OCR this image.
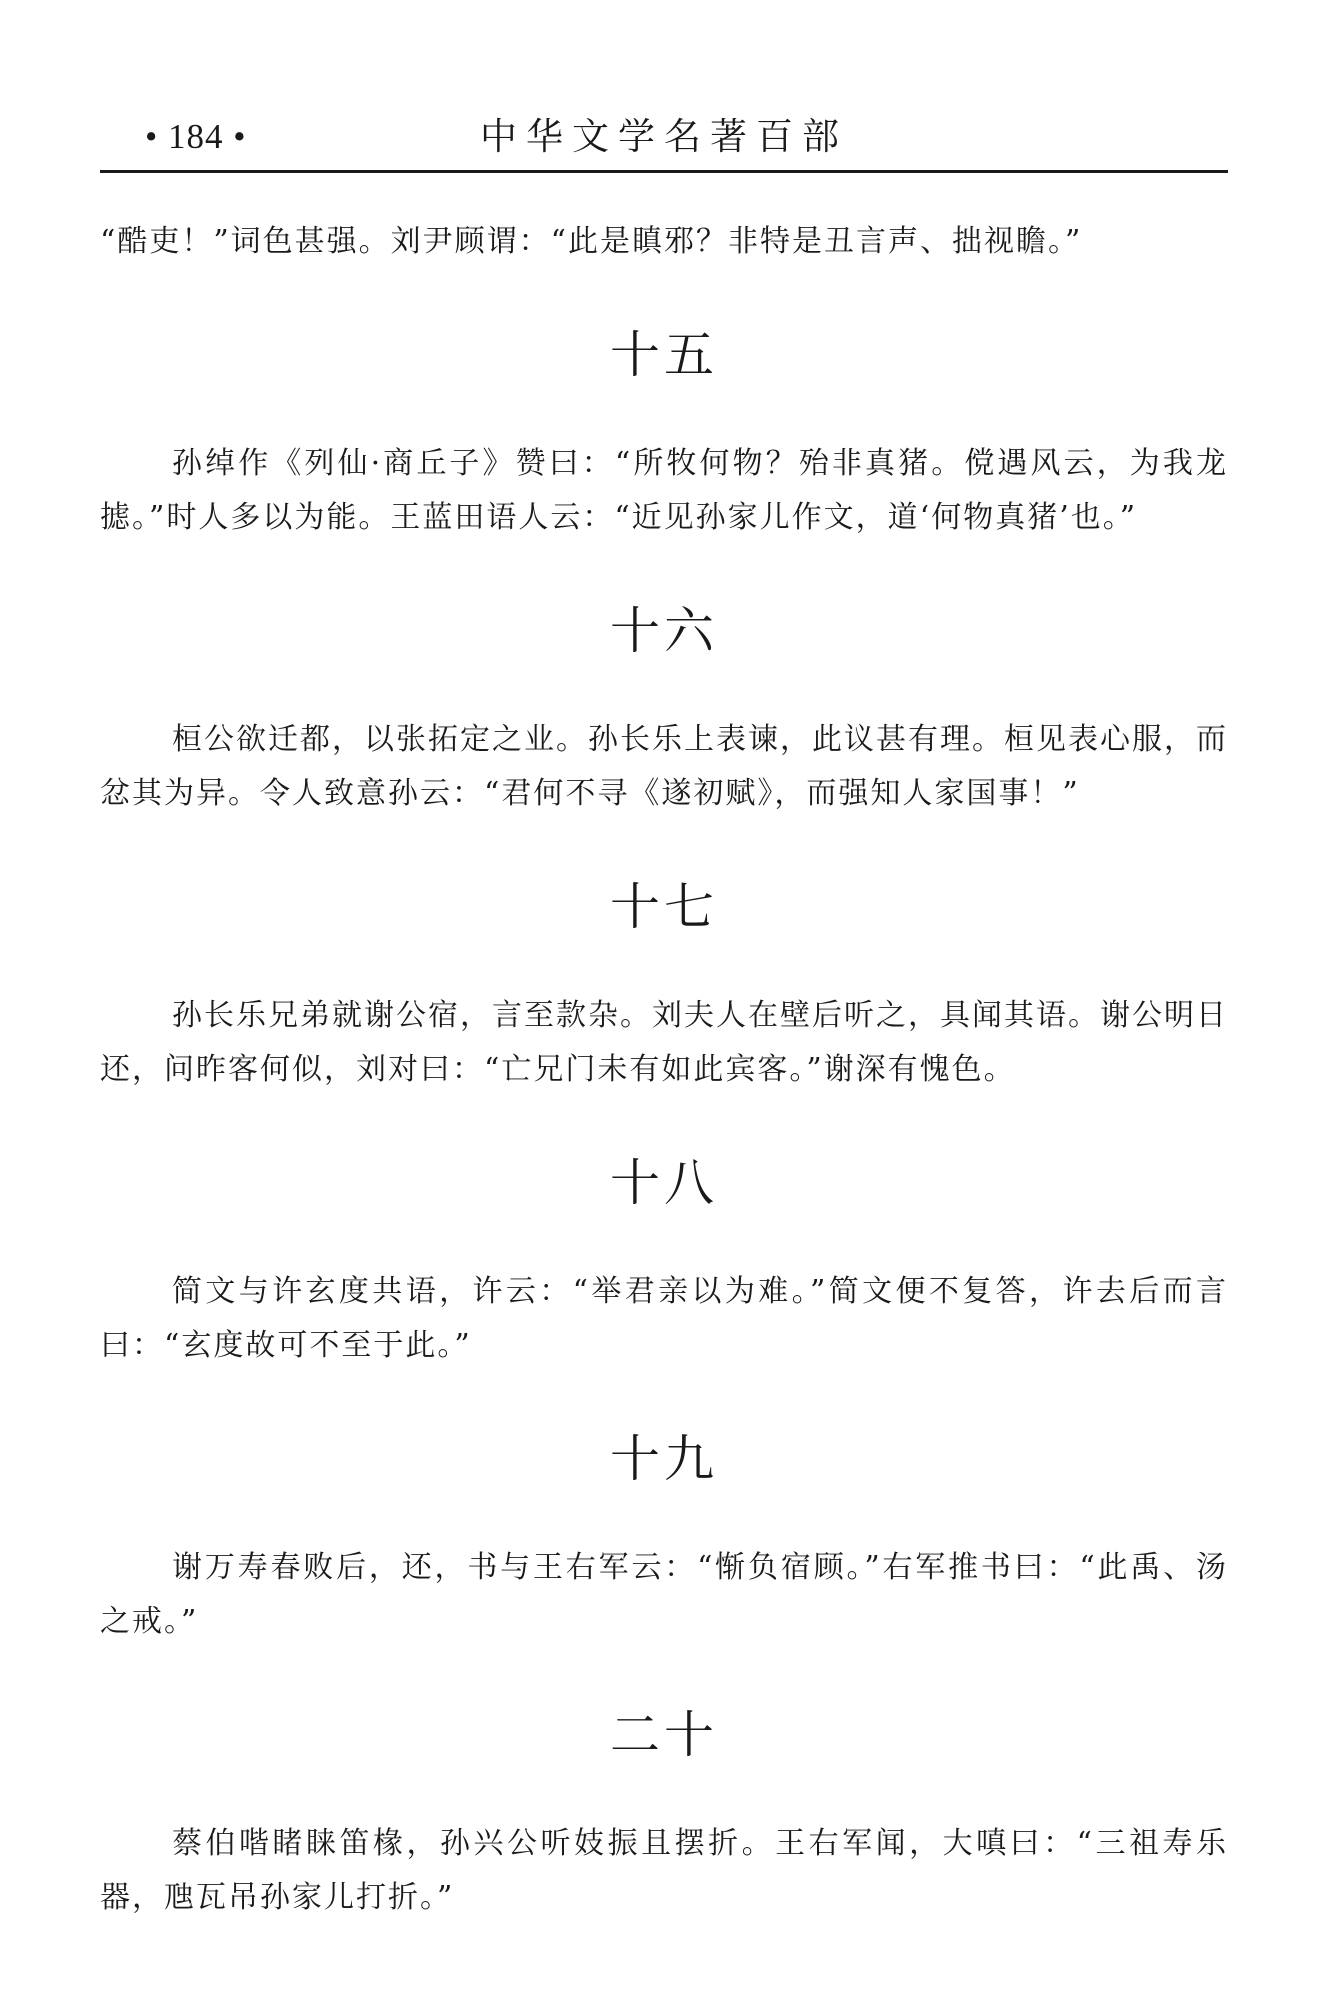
• 184 •	中华文学名著百部

“酷吏！”词色甚强。刘尹顾谓：“此是瞋邪？非特是丑言声、拙视瞻。”

十五

孙绰作《列仙·商丘子》赞曰：“所牧何物？殆非真猪。傥遇风云，为我龙摅。”时人多以为能。王蓝田语人云：“近见孙家儿作文，道‘何物真猪’也。”

十六

桓公欲迁都，以张拓定之业。孙长乐上表谏，此议甚有理。桓见表心服，而忿其为异。令人致意孙云：“君何不寻《遂初赋》，而强知人家国事！”

十七

孙长乐兄弟就谢公宿，言至款杂。刘夫人在壁后听之，具闻其语。谢公明日还，问昨客何似，刘对曰：“亡兄门未有如此宾客。”谢深有愧色。

十八

简文与许玄度共语，许云：“举君亲以为难。”简文便不复答，许去后而言曰：“玄度故可不至于此。”

十九

谢万寿春败后，还，书与王右军云：“惭负宿顾。”右军推书曰：“此禹、汤之戒。”

二十

蔡伯喈睹睐笛椽，孙兴公听妓振且摆折。王右军闻，大嗔曰：“三祖寿乐器，虺瓦吊孙家儿打折。”
